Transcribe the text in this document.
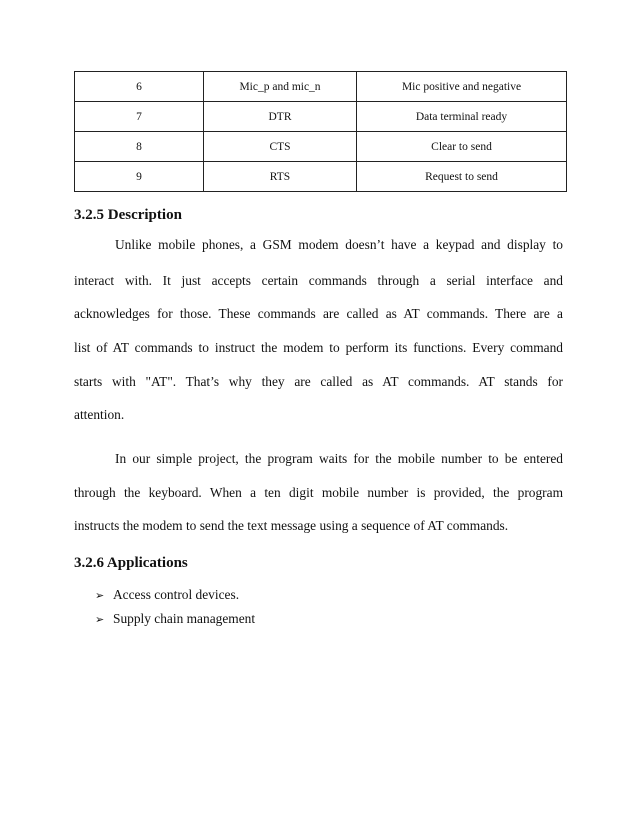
6	Mic_p and mic_n	Mic positive and negative
7	DTR	Data terminal ready
8	CTS	Clear to send
9	RTS	Request to send
3.2.5 Description
Unlike mobile phones, a GSM modem doesn’t have a keypad and display to
interact with. It just accepts certain commands through a serial interface and
acknowledges for those. These commands are called as AT commands. There are a
list of AT commands to instruct the modem to perform its functions. Every command
starts with "AT". That’s why they are called as AT commands. AT stands for
attention.
In our simple project, the program waits for the mobile number to be entered
through the keyboard. When a ten digit mobile number is provided, the program
instructs the modem to send the text message using a sequence of AT commands.
3.2.6 Applications
➢ Access control devices.
➢ Supply chain management
